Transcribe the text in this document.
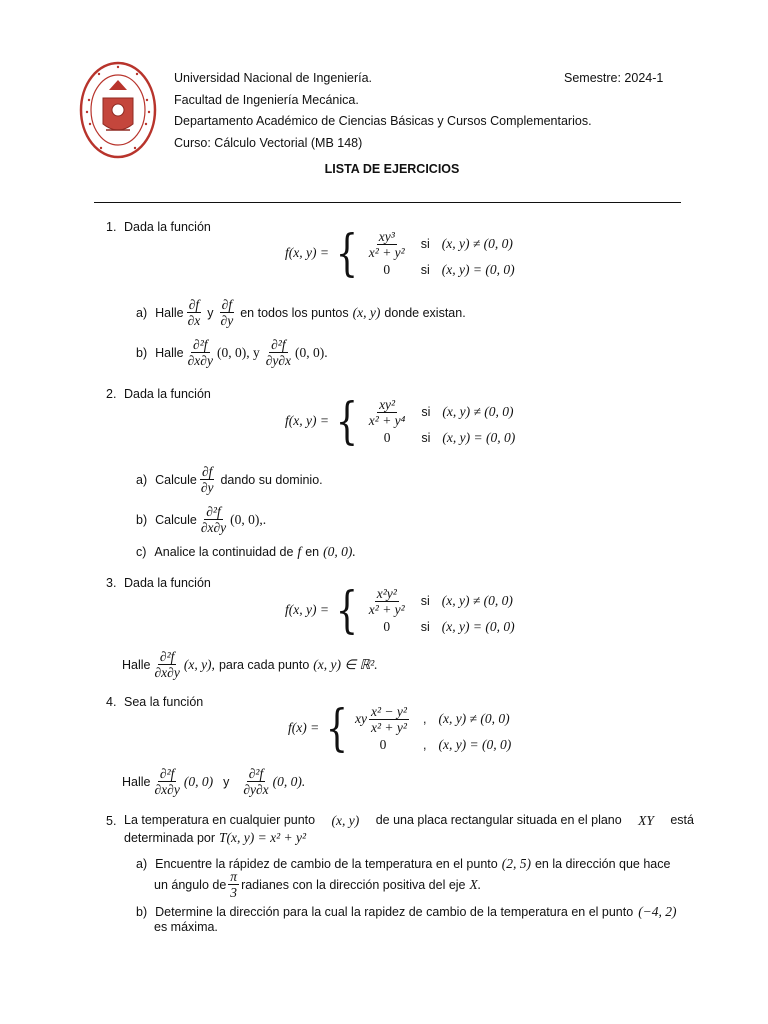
Universidad Nacional de Ingeniería.	Semestre: 2024-1
Facultad de Ingeniería Mecánica.
Departamento Académico de Ciencias Básicas y Cursos Complementarios.
Curso: Cálculo Vectorial (MB 148)
LISTA DE EJERCICIOS
1. Dada la función
f(x, y) = { $\frac{\text{xy³}}{\text{x² + y²}}$ si (x, y) ≠ (0, 0)
0	si (x, y) = (0, 0)
a) Halle $\frac{\partial f}{\partial x}$ y $\frac{\partial f}{\partial y}$ en todos los puntos (x, y) donde existan.
b) Halle $\frac{\text{∂²f}}{\partial x\partial y} (0$, 0), y $\frac{\text{∂²f}}{\partial y\partial x} (0$, 0).
2. Dada la función
f(x, y) = { $\frac{\text{xy²}}{\text{x² + y⁴}}$ si (x, y) ≠ (0, 0)
0	si (x, y) = (0, 0)
a) Calcule $\frac{\partial f}{\partial y}$ dando su dominio.
b) Calcule $\frac{\text{∂²f}}{\partial x\partial y} (0$, 0),.
c) Analice la continuidad de f en (0, 0).
3. Dada la función
f(x, y) = { $\frac{\text{x²y²}}{\text{x² + y²}}$ si (x, y) ≠ (0, 0)
0	si (x, y) = (0, 0)
Halle $\frac{\text{∂²f}}{\partial x\partial y} (x$, y), para cada punto (x, y) ∈ ℝ².
4. Sea la función
f(x) = { xy $\frac{\text{x² − y²}}{\text{x² + y²}}$ , (x, y) ≠ (0, 0)
0	, (x, y) = (0, 0)
Halle $\frac{\text{∂²f}}{\partial x\partial y} (0$, 0) y $\frac{\text{∂²f}}{\partial y\partial x} (0$, 0).
5. La temperatura en cualquier punto (x, y) de una placa rectangular situada en el plano XY está
determinada por T(x, y) = x² + y²
a) Encuentre la rápidez de cambio de la temperatura en el punto (2, 5) en la dirección que hace
un ángulo de $\frac{\pi}{3}$ radianes con la dirección positiva del eje X.
b) Determine la dirección para la cual la rapidez de cambio de la temperatura en el punto (−4, 2)
es máxima.
